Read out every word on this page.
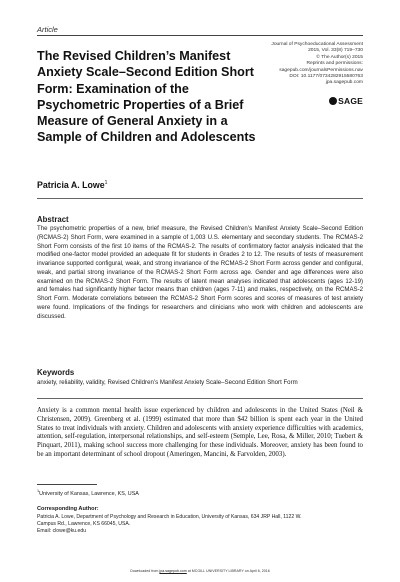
Article
The Revised Children’s Manifest Anxiety Scale–Second Edition Short Form: Examination of the Psychometric Properties of a Brief Measure of General Anxiety in a Sample of Children and Adolescents
Journal of Psychoeducational Assessment
2015, Vol. 33(8) 719–730
© The Author(s) 2015
Reprints and permissions:
sagepub.com/journalsPermissions.nav
DOI: 10.1177/0734282915580763
jpa.sagepub.com
SAGE
Patricia A. Lowe$^1$
Abstract
The psychometric properties of a new, brief measure, the Revised Children’s Manifest Anxiety Scale–Second Edition (RCMAS-2) Short Form, were examined in a sample of 1,003 U.S. elementary and secondary students. The RCMAS-2 Short Form consists of the first 10 items of the RCMAS-2. The results of confirmatory factor analysis indicated that the modified one-factor model provided an adequate fit for students in Grades 2 to 12. The results of tests of measurement invariance supported configural, weak, and strong invariance of the RCMAS-2 Short Form across gender and configural, weak, and partial strong invariance of the RCMAS-2 Short Form across age. Gender and age differences were also examined on the RCMAS-2 Short Form. The results of latent mean analyses indicated that adolescents (ages 12-19) and females had significantly higher factor means than children (ages 7-11) and males, respectively, on the RCMAS-2 Short Form. Moderate correlations between the RCMAS-2 Short Form scores and scores of measures of test anxiety were found. Implications of the findings for researchers and clinicians who work with children and adolescents are discussed.
Keywords
anxiety, reliability, validity, Revised Children’s Manifest Anxiety Scale–Second Edition Short Form
Anxiety is a common mental health issue experienced by children and adolescents in the United States (Neil & Christensen, 2009). Greenberg et al. (1999) estimated that more than $42 billion is spent each year in the United States to treat individuals with anxiety. Children and adolescents with anxiety experience difficulties with academics, attention, self-regulation, interpersonal relationships, and self-esteem (Semple, Lee, Rosa, & Miller, 2010; Tuebert & Pinquart, 2011), making school success more challenging for these individuals. Moreover, anxiety has been found to be an important determinant of school dropout (Ameringen, Mancini, & Farvolden, 2003).
$^1$University of Kansas, Lawrence, KS, USA
Corresponding Author:
Patricia A. Lowe, Department of Psychology and Research in Education, University of Kansas, 634 JRP Hall, 1122 W.
Campus Rd., Lawrence, KS 66045, USA.
Email: clowe@ku.edu
Downloaded from jpa.sagepub.com at MCGILL UNIVERSITY LIBRARY on April 6, 2016
